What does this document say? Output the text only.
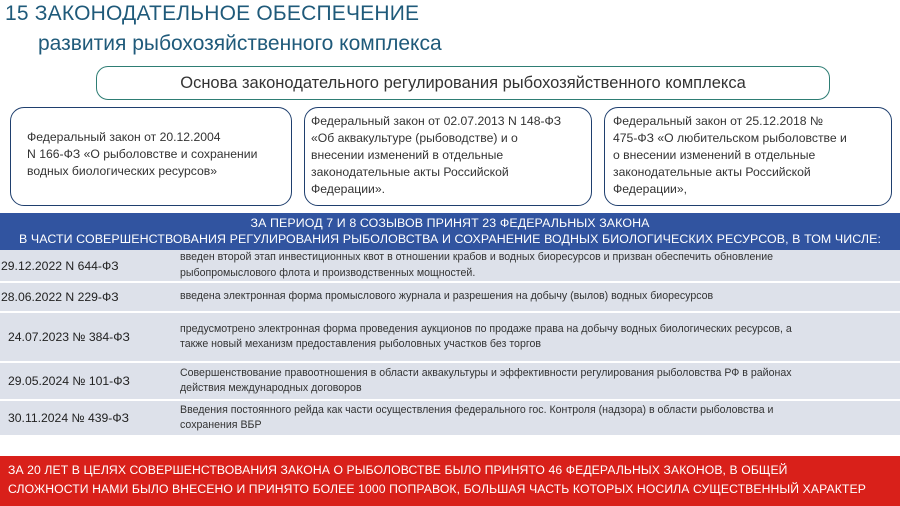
15 ЗАКОНОДАТЕЛЬНОЕ ОБЕСПЕЧЕНИЕ
развития рыбохозяйственного комплекса
Основа законодательного регулирования рыбохозяйственного комплекса
Федеральный закон от 20.12.2004
N 166-ФЗ «О рыболовстве и сохранении
водных биологических ресурсов»
Федеральный закон от 02.07.2013 N 148-ФЗ
«Об аквакультуре (рыбоводстве) и о
внесении изменений в отдельные
законодательные акты Российской
Федерации».
Федеральный закон от 25.12.2018 №
475-ФЗ «О любительском рыболовстве и
о внесении изменений в отдельные
законодательные акты Российской
Федерации»,
ЗА ПЕРИОД 7 И 8 СОЗЫВОВ ПРИНЯТ 23 ФЕДЕРАЛЬНЫХ ЗАКОНА
В ЧАСТИ СОВЕРШЕНСТВОВАНИЯ РЕГУЛИРОВАНИЯ РЫБОЛОВСТВА И СОХРАНЕНИЕ ВОДНЫХ БИОЛОГИЧЕСКИХ РЕСУРСОВ, В ТОМ ЧИСЛЕ:
29.12.2022 N 644-ФЗ
введен второй этап инвестиционных квот в отношении крабов и водных биоресурсов и призван обеспечить обновление
рыбопромыслового флота и производственных мощностей.
28.06.2022 N 229-ФЗ	введена электронная форма промыслового журнала и разрешения на добычу (вылов) водных биоресурсов
24.07.2023 № 384-ФЗ
предусмотрено электронная форма проведения аукционов по продаже права на добычу водных биологических ресурсов, а
также новый механизм предоставления рыболовных участков без торгов
29.05.2024 № 101-ФЗ
Совершенствование правоотношения в области аквакультуры и эффективности регулирования рыболовства РФ в районах
действия международных договоров
30.11.2024 № 439-ФЗ
Введения постоянного рейда как части осуществления федерального гос. Контроля (надзора) в области рыболовства и
сохранения ВБР
ЗА 20 ЛЕТ В ЦЕЛЯХ СОВЕРШЕНСТВОВАНИЯ ЗАКОНА О РЫБОЛОВСТВЕ БЫЛО ПРИНЯТО 46 ФЕДЕРАЛЬНЫХ ЗАКОНОВ, В ОБЩЕЙ
СЛОЖНОСТИ НАМИ БЫЛО ВНЕСЕНО И ПРИНЯТО БОЛЕЕ 1000 ПОПРАВОК, БОЛЬШАЯ ЧАСТЬ КОТОРЫХ НОСИЛА СУЩЕСТВЕННЫЙ ХАРАКТЕР
